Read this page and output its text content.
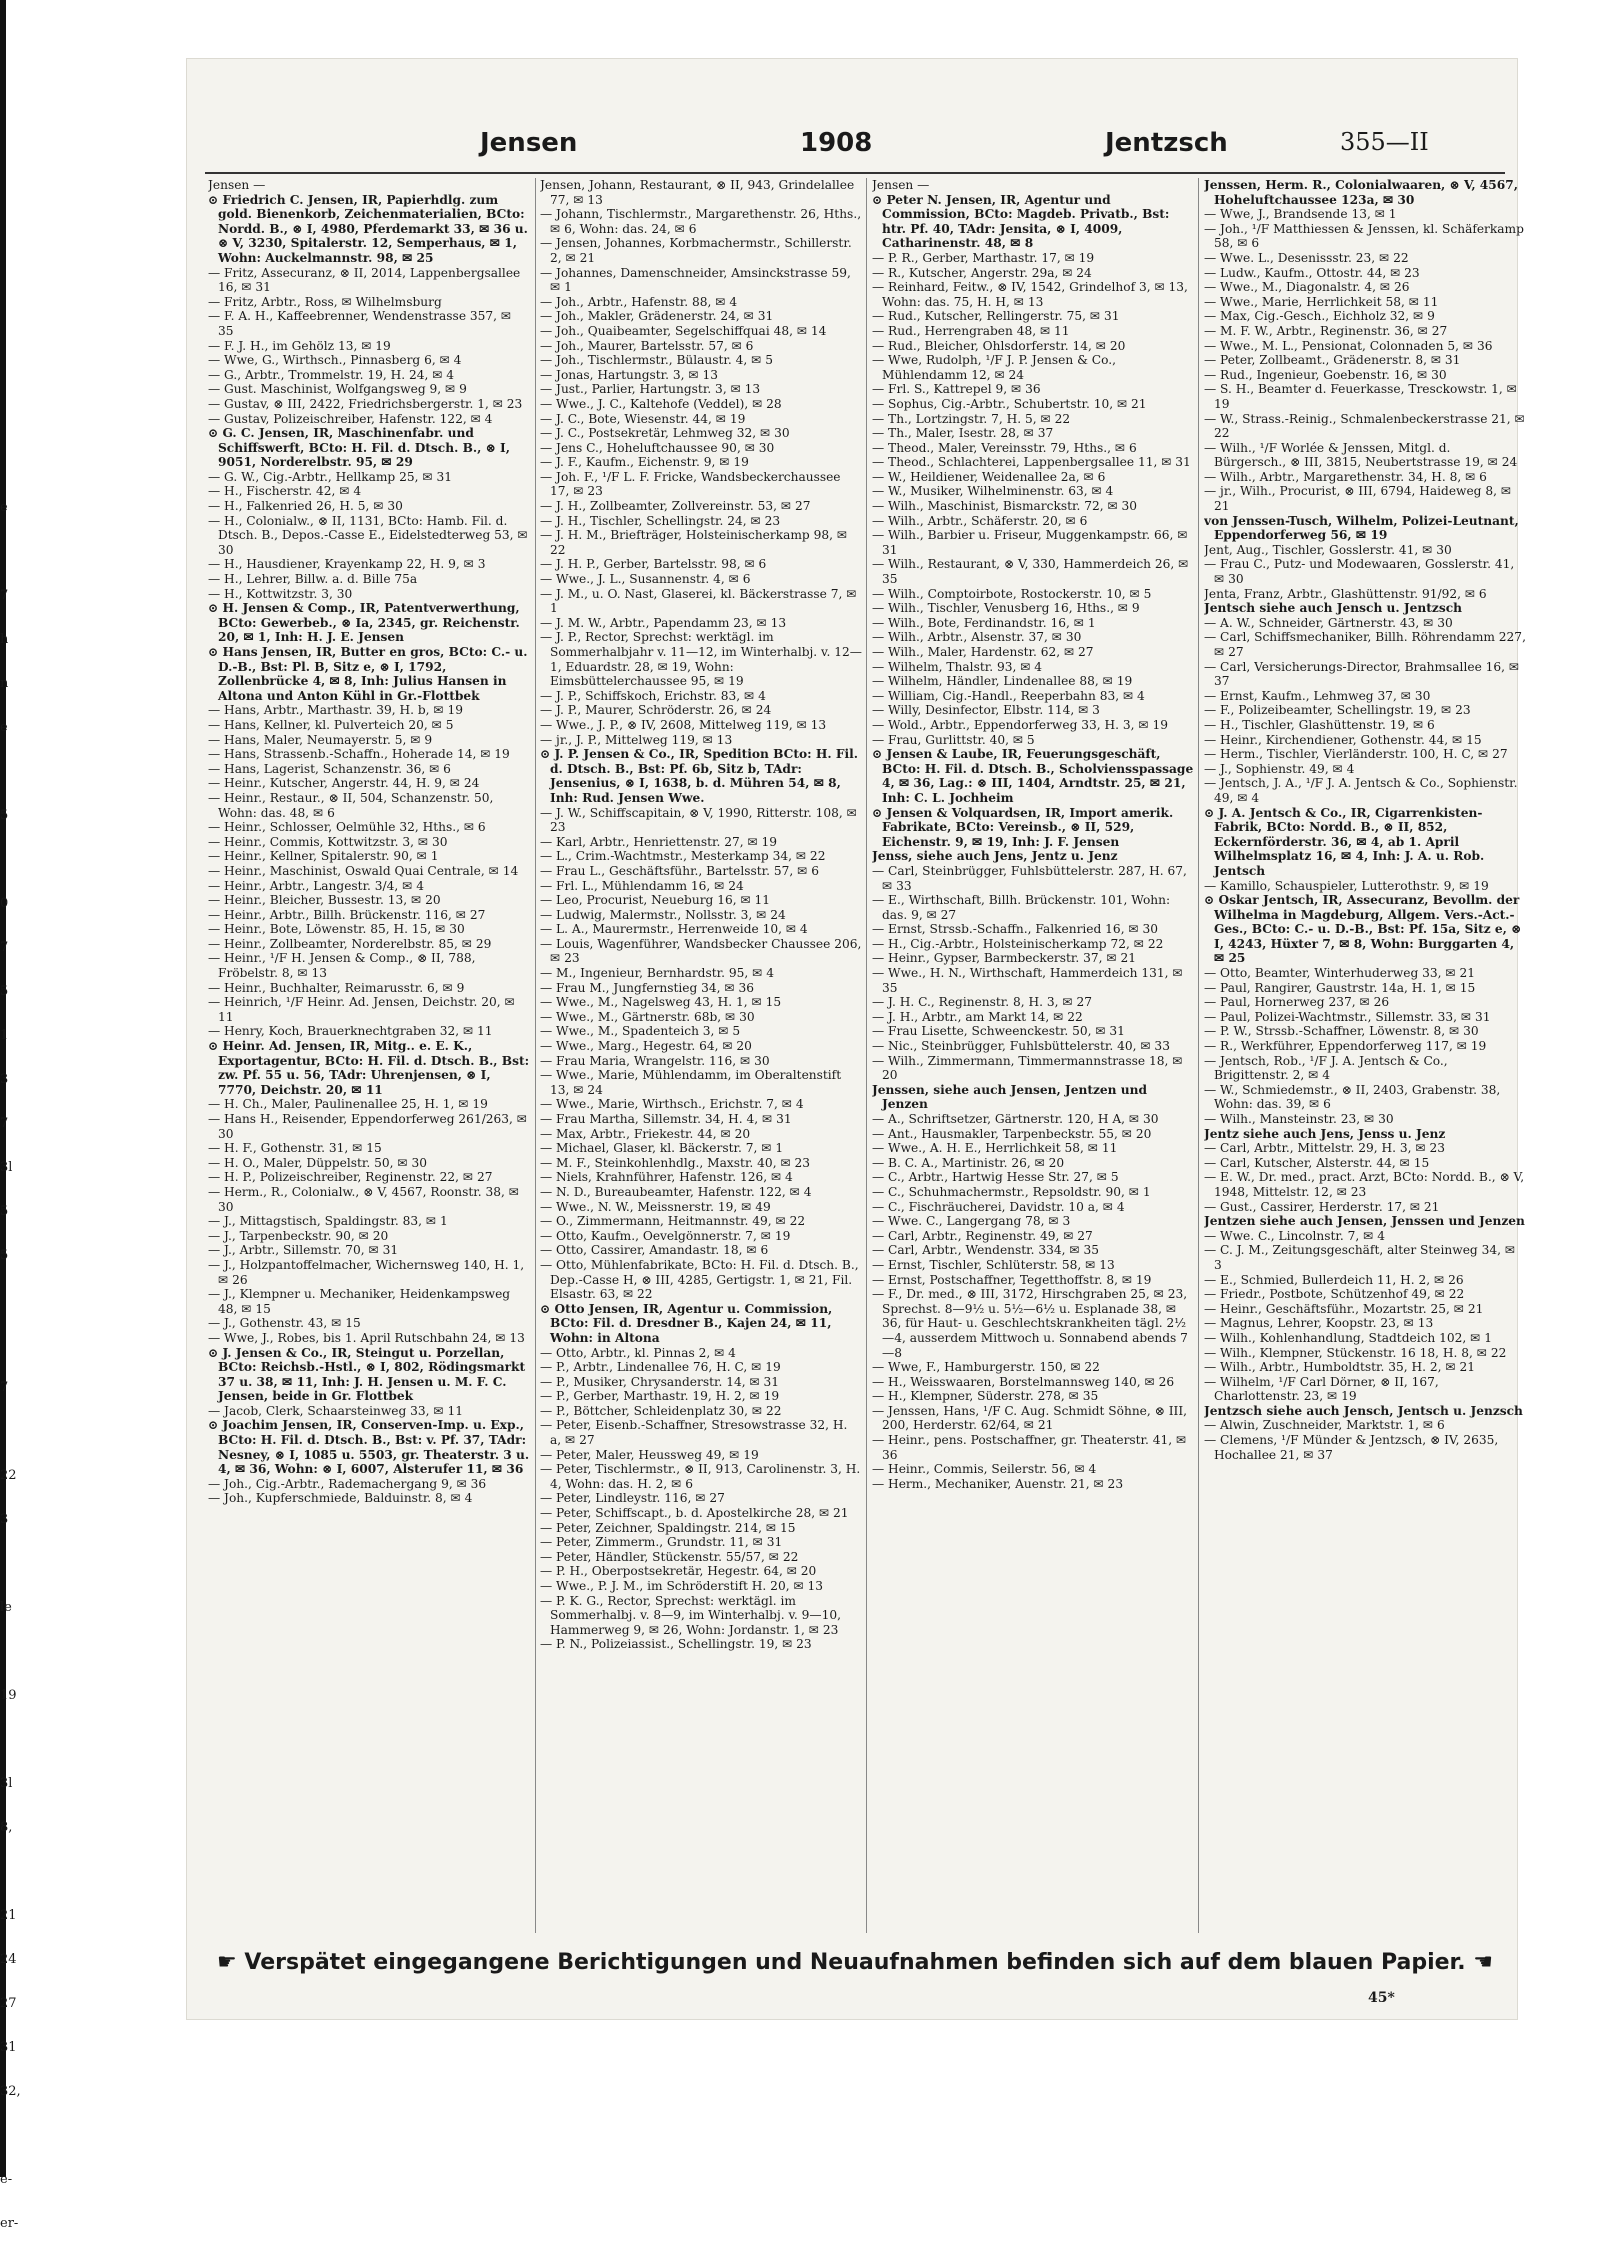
e
7
h
n
e
5
0
7
5
1
3
7
3l
5
5
7
22
3
le
19
3l
8,
21
24
27
31
32,
e-
er-
Jensen	1908	Jentzsch	355—II

Jensen —

⊙ Friedrich C. Jensen, IR, Papierhdlg. zum gold. Bienenkorb, Zeichenmaterialien, BCto: Nordd. B., ⊗ I, 4980, Pferdemarkt 33, ✉ 36 u. ⊗ V, 3230, Spitalerstr. 12, Semperhaus, ✉ 1, Wohn: Auckelmannstr. 98, ✉ 25

— Fritz, Assecuranz, ⊗ II, 2014, Lappenbergsallee 16, ✉ 31

— Fritz, Arbtr., Ross, ✉ Wilhelmsburg

— F. A. H., Kaffeebrenner, Wendenstrasse 357, ✉ 35

— F. J. H., im Gehölz 13, ✉ 19

— Wwe, G., Wirthsch., Pinnasberg 6, ✉ 4

— G., Arbtr., Trommelstr. 19, H. 24, ✉ 4

— Gust. Maschinist, Wolfgangsweg 9, ✉ 9

— Gustav, ⊗ III, 2422, Friedrichsbergerstr. 1, ✉ 23

— Gustav, Polizeischreiber, Hafenstr. 122, ✉ 4

⊙ G. C. Jensen, IR, Maschinenfabr. und Schiffswerft, BCto: H. Fil. d. Dtsch. B., ⊗ I, 9051, Norderelbstr. 95, ✉ 29

— G. W., Cig.-Arbtr., Hellkamp 25, ✉ 31

— H., Fischerstr. 42, ✉ 4

— H., Falkenried 26, H. 5, ✉ 30

— H., Colonialw., ⊗ II, 1131, BCto: Hamb. Fil. d. Dtsch. B., Depos.-Casse E., Eidelstedterweg 53, ✉ 30

— H., Hausdiener, Krayenkamp 22, H. 9, ✉ 3

— H., Lehrer, Billw. a. d. Bille 75a

— H., Kottwitzstr. 3, 30

⊙ H. Jensen & Comp., IR, Patentverwerthung, BCto: Gewerbeb., ⊗ Ia, 2345, gr. Reichenstr. 20, ✉ 1, Inh: H. J. E. Jensen

⊙ Hans Jensen, IR, Butter en gros, BCto: C.- u. D.-B., Bst: Pl. B, Sitz e, ⊗ I, 1792, Zollenbrücke 4, ✉ 8, Inh: Julius Hansen in Altona und Anton Kühl in Gr.-Flottbek

— Hans, Arbtr., Marthastr. 39, H. b, ✉ 19

— Hans, Kellner, kl. Pulverteich 20, ✉ 5

— Hans, Maler, Neumayerstr. 5, ✉ 9

— Hans, Strassenb.-Schaffn., Hoherade 14, ✉ 19

— Hans, Lagerist, Schanzenstr. 36, ✉ 6

— Heinr., Kutscher, Angerstr. 44, H. 9, ✉ 24

— Heinr., Restaur., ⊗ II, 504, Schanzenstr. 50, Wohn: das. 48, ✉ 6

— Heinr., Schlosser, Oelmühle 32, Hths., ✉ 6

— Heinr., Commis, Kottwitzstr. 3, ✉ 30

— Heinr., Kellner, Spitalerstr. 90, ✉ 1

— Heinr., Maschinist, Oswald Quai Centrale, ✉ 14

— Heinr., Arbtr., Langestr. 3/4, ✉ 4

— Heinr., Bleicher, Bussestr. 13, ✉ 20

— Heinr., Arbtr., Billh. Brückenstr. 116, ✉ 27

— Heinr., Bote, Löwenstr. 85, H. 15, ✉ 30

— Heinr., Zollbeamter, Norderelbstr. 85, ✉ 29

— Heinr., ¹/F H. Jensen & Comp., ⊗ II, 788, Fröbelstr. 8, ✉ 13

— Heinr., Buchhalter, Reimarusstr. 6, ✉ 9

— Heinrich, ¹/F Heinr. Ad. Jensen, Deichstr. 20, ✉ 11

— Henry, Koch, Brauerknechtgraben 32, ✉ 11

⊙ Heinr. Ad. Jensen, IR, Mitg.. e. E. K., Exportagentur, BCto: H. Fil. d. Dtsch. B., Bst: zw. Pf. 55 u. 56, TAdr: Uhrenjensen, ⊗ I, 7770, Deichstr. 20, ✉ 11

— H. Ch., Maler, Paulinenallee 25, H. 1, ✉ 19

— Hans H., Reisender, Eppendorferweg 261/263, ✉ 30

— H. F., Gothenstr. 31, ✉ 15

— H. O., Maler, Düppelstr. 50, ✉ 30

— H. P., Polizeischreiber, Reginenstr. 22, ✉ 27

— Herm., R., Colonialw., ⊗ V, 4567, Roonstr. 38, ✉ 30

— J., Mittagstisch, Spaldingstr. 83, ✉ 1

— J., Tarpenbeckstr. 90, ✉ 20

— J., Arbtr., Sillemstr. 70, ✉ 31

— J., Holzpantoffelmacher, Wichernsweg 140, H. 1, ✉ 26

— J., Klempner u. Mechaniker, Heidenkampsweg 48, ✉ 15

— J., Gothenstr. 43, ✉ 15

— Wwe, J., Robes, bis 1. April Rutschbahn 24, ✉ 13

⊙ J. Jensen & Co., IR, Steingut u. Porzellan, BCto: Reichsb.-Hstl., ⊗ I, 802, Rödingsmarkt 37 u. 38, ✉ 11, Inh: J. H. Jensen u. M. F. C. Jensen, beide in Gr. Flottbek

— Jacob, Clerk, Schaarsteinweg 33, ✉ 11

⊙ Joachim Jensen, IR, Conserven-Imp. u. Exp., BCto: H. Fil. d. Dtsch. B., Bst: v. Pf. 37, TAdr: Nesney, ⊗ I, 1085 u. 5503, gr. Theaterstr. 3 u. 4, ✉ 36, Wohn: ⊗ I, 6007, Alsterufer 11, ✉ 36

— Joh., Cig.-Arbtr., Rademachergang 9, ✉ 36

— Joh., Kupferschmiede, Balduinstr. 8, ✉ 4

Jensen, Johann, Restaurant, ⊗ II, 943, Grindelallee 77, ✉ 13

— Johann, Tischlermstr., Margarethenstr. 26, Hths., ✉ 6, Wohn: das. 24, ✉ 6

— Jensen, Johannes, Korbmachermstr., Schillerstr. 2, ✉ 21

— Johannes, Damenschneider, Amsinckstrasse 59, ✉ 1

— Joh., Arbtr., Hafenstr. 88, ✉ 4

— Joh., Makler, Grädenerstr. 24, ✉ 31

— Joh., Quaibeamter, Segelschiffquai 48, ✉ 14

— Joh., Maurer, Bartelsstr. 57, ✉ 6

— Joh., Tischlermstr., Bülaustr. 4, ✉ 5

— Jonas, Hartungstr. 3, ✉ 13

— Just., Parlier, Hartungstr. 3, ✉ 13

— Wwe., J. C., Kaltehofe (Veddel), ✉ 28

— J. C., Bote, Wiesenstr. 44, ✉ 19

— J. C., Postsekretär, Lehmweg 32, ✉ 30

— Jens C., Hoheluftchaussee 90, ✉ 30

— J. F., Kaufm., Eichenstr. 9, ✉ 19

— Joh. F., ¹/F L. F. Fricke, Wandsbeckerchaussee 17, ✉ 23

— J. H., Zollbeamter, Zollvereinstr. 53, ✉ 27

— J. H., Tischler, Schellingstr. 24, ✉ 23

— J. H. M., Briefträger, Holsteinischerkamp 98, ✉ 22

— J. H. P., Gerber, Bartelsstr. 98, ✉ 6

— Wwe., J. L., Susannenstr. 4, ✉ 6

— J. M., u. O. Nast, Glaserei, kl. Bäckerstrasse 7, ✉ 1

— J. M. W., Arbtr., Papendamm 23, ✉ 13

— J. P., Rector, Sprechst: werktägl. im Sommerhalbjahr v. 11—12, im Winterhalbj. v. 12—1, Eduardstr. 28, ✉ 19, Wohn: Eimsbüttelerchaussee 95, ✉ 19

— J. P., Schiffskoch, Erichstr. 83, ✉ 4

— J. P., Maurer, Schröderstr. 26, ✉ 24

— Wwe., J. P., ⊗ IV, 2608, Mittelweg 119, ✉ 13

— jr., J. P., Mittelweg 119, ✉ 13

⊙ J. P. Jensen & Co., IR, Spedition BCto: H. Fil. d. Dtsch. B., Bst: Pf. 6b, Sitz b, TAdr: Jensenius, ⊗ I, 1638, b. d. Mühren 54, ✉ 8, Inh: Rud. Jensen Wwe.

— J. W., Schiffscapitain, ⊗ V, 1990, Ritterstr. 108, ✉ 23

— Karl, Arbtr., Henriettenstr. 27, ✉ 19

— L., Crim.-Wachtmstr., Mesterkamp 34, ✉ 22

— Frau L., Geschäftsführ., Bartelsstr. 57, ✉ 6

— Frl. L., Mühlendamm 16, ✉ 24

— Leo, Procurist, Neueburg 16, ✉ 11

— Ludwig, Malermstr., Nollsstr. 3, ✉ 24

— L. A., Maurermstr., Herrenweide 10, ✉ 4

— Louis, Wagenführer, Wandsbecker Chaussee 206, ✉ 23

— M., Ingenieur, Bernhardstr. 95, ✉ 4

— Frau M., Jungfernstieg 34, ✉ 36

— Wwe., M., Nagelsweg 43, H. 1, ✉ 15

— Wwe., M., Gärtnerstr. 68b, ✉ 30

— Wwe., M., Spadenteich 3, ✉ 5

— Wwe., Marg., Hegestr. 64, ✉ 20

— Frau Maria, Wrangelstr. 116, ✉ 30

— Wwe., Marie, Mühlendamm, im Oberaltenstift 13, ✉ 24

— Wwe., Marie, Wirthsch., Erichstr. 7, ✉ 4

— Frau Martha, Sillemstr. 34, H. 4, ✉ 31

— Max, Arbtr., Friekestr. 44, ✉ 20

— Michael, Glaser, kl. Bäckerstr. 7, ✉ 1

— M. F., Steinkohlenhdlg., Maxstr. 40, ✉ 23

— Niels, Krahnführer, Hafenstr. 126, ✉ 4

— N. D., Bureaubeamter, Hafenstr. 122, ✉ 4

— Wwe., N. W., Meissnerstr. 19, ✉ 49

— O., Zimmermann, Heitmannstr. 49, ✉ 22

— Otto, Kaufm., Oevelgönnerstr. 7, ✉ 19

— Otto, Cassirer, Amandastr. 18, ✉ 6

— Otto, Mühlenfabrikate, BCto: H. Fil. d. Dtsch. B., Dep.-Casse H, ⊗ III, 4285, Gertigstr. 1, ✉ 21, Fil. Elsastr. 63, ✉ 22

⊙ Otto Jensen, IR, Agentur u. Commission, BCto: Fil. d. Dresdner B., Kajen 24, ✉ 11, Wohn: in Altona

— Otto, Arbtr., kl. Pinnas 2, ✉ 4

— P., Arbtr., Lindenallee 76, H. C, ✉ 19

— P., Musiker, Chrysanderstr. 14, ✉ 31

— P., Gerber, Marthastr. 19, H. 2, ✉ 19

— P., Böttcher, Schleidenplatz 30, ✉ 22

— Peter, Eisenb.-Schaffner, Stresowstrasse 32, H. a, ✉ 27

— Peter, Maler, Heussweg 49, ✉ 19

— Peter, Tischlermstr., ⊗ II, 913, Carolinenstr. 3, H. 4, Wohn: das. H. 2, ✉ 6

— Peter, Lindleystr. 116, ✉ 27

— Peter, Schiffscapt., b. d. Apostelkirche 28, ✉ 21

— Peter, Zeichner, Spaldingstr. 214, ✉ 15

— Peter, Zimmerm., Grundstr. 11, ✉ 31

— Peter, Händler, Stückenstr. 55/57, ✉ 22

— P. H., Oberpostsekretär, Hegestr. 64, ✉ 20

— Wwe., P. J. M., im Schröderstift H. 20, ✉ 13

— P. K. G., Rector, Sprechst: werktägl. im Sommerhalbj. v. 8—9, im Winterhalbj. v. 9—10, Hammerweg 9, ✉ 26, Wohn: Jordanstr. 1, ✉ 23

— P. N., Polizeiassist., Schellingstr. 19, ✉ 23

Jensen —

⊙ Peter N. Jensen, IR, Agentur und Commission, BCto: Magdeb. Privatb., Bst: htr. Pf. 40, TAdr: Jensita, ⊗ I, 4009, Catharinenstr. 48, ✉ 8

— P. R., Gerber, Marthastr. 17, ✉ 19

— R., Kutscher, Angerstr. 29a, ✉ 24

— Reinhard, Feitw., ⊗ IV, 1542, Grindelhof 3, ✉ 13, Wohn: das. 75, H. H, ✉ 13

— Rud., Kutscher, Rellingerstr. 75, ✉ 31

— Rud., Herrengraben 48, ✉ 11

— Rud., Bleicher, Ohlsdorferstr. 14, ✉ 20

— Wwe, Rudolph, ¹/F J. P. Jensen & Co., Mühlendamm 12, ✉ 24

— Frl. S., Kattrepel 9, ✉ 36

— Sophus, Cig.-Arbtr., Schubertstr. 10, ✉ 21

— Th., Lortzingstr. 7, H. 5, ✉ 22

— Th., Maler, Isestr. 28, ✉ 37

— Theod., Maler, Vereinsstr. 79, Hths., ✉ 6

— Theod., Schlachterei, Lappenbergsallee 11, ✉ 31

— W., Heildiener, Weidenallee 2a, ✉ 6

— W., Musiker, Wilhelminenstr. 63, ✉ 4

— Wilh., Maschinist, Bismarckstr. 72, ✉ 30

— Wilh., Arbtr., Schäferstr. 20, ✉ 6

— Wilh., Barbier u. Friseur, Muggenkampstr. 66, ✉ 31

— Wilh., Restaurant, ⊗ V, 330, Hammerdeich 26, ✉ 35

— Wilh., Comptoirbote, Rostockerstr. 10, ✉ 5

— Wilh., Tischler, Venusberg 16, Hths., ✉ 9

— Wilh., Bote, Ferdinandstr. 16, ✉ 1

— Wilh., Arbtr., Alsenstr. 37, ✉ 30

— Wilh., Maler, Hardenstr. 62, ✉ 27

— Wilhelm, Thalstr. 93, ✉ 4

— Wilhelm, Händler, Lindenallee 88, ✉ 19

— William, Cig.-Handl., Reeperbahn 83, ✉ 4

— Willy, Desinfector, Elbstr. 114, ✉ 3

— Wold., Arbtr., Eppendorferweg 33, H. 3, ✉ 19

— Frau, Gurlittstr. 40, ✉ 5

⊙ Jensen & Laube, IR, Feuerungsgeschäft, BCto: H. Fil. d. Dtsch. B., Scholviensspassage 4, ✉ 36, Lag.: ⊗ III, 1404, Arndtstr. 25, ✉ 21, Inh: C. L. Jochheim

⊙ Jensen & Volquardsen, IR, Import amerik. Fabrikate, BCto: Vereinsb., ⊗ II, 529, Eichenstr. 9, ✉ 19, Inh: J. F. Jensen

Jenss, siehe auch Jens, Jentz u. Jenz

— Carl, Steinbrügger, Fuhlsbüttelerstr. 287, H. 67, ✉ 33

— E., Wirthschaft, Billh. Brückenstr. 101, Wohn: das. 9, ✉ 27

— Ernst, Strssb.-Schaffn., Falkenried 16, ✉ 30

— H., Cig.-Arbtr., Holsteinischerkamp 72, ✉ 22

— Heinr., Gypser, Barmbeckerstr. 37, ✉ 21

— Wwe., H. N., Wirthschaft, Hammerdeich 131, ✉ 35

— J. H. C., Reginenstr. 8, H. 3, ✉ 27

— J. H., Arbtr., am Markt 14, ✉ 22

— Frau Lisette, Schweenckestr. 50, ✉ 31

— Nic., Steinbrügger, Fuhlsbüttelerstr. 40, ✉ 33

— Wilh., Zimmermann, Timmermannstrasse 18, ✉ 20

Jenssen, siehe auch Jensen, Jentzen und Jenzen

— A., Schriftsetzer, Gärtnerstr. 120, H A, ✉ 30

— Ant., Hausmakler, Tarpenbeckstr. 55, ✉ 20

— Wwe., A. H. E., Herrlichkeit 58, ✉ 11

— B. C. A., Martinistr. 26, ✉ 20

— C., Arbtr., Hartwig Hesse Str. 27, ✉ 5

— C., Schuhmachermstr., Repsoldstr. 90, ✉ 1

— C., Fischräucherei, Davidstr. 10 a, ✉ 4

— Wwe. C., Langergang 78, ✉ 3

— Carl, Arbtr., Reginenstr. 49, ✉ 27

— Carl, Arbtr., Wendenstr. 334, ✉ 35

— Ernst, Tischler, Schlüterstr. 58, ✉ 13

— Ernst, Postschaffner, Tegetthoffstr. 8, ✉ 19

— F., Dr. med., ⊗ III, 3172, Hirschgraben 25, ✉ 23, Sprechst. 8—9½ u. 5½—6½ u. Esplanade 38, ✉ 36, für Haut- u. Geschlechtskrankheiten tägl. 2½—4, ausserdem Mittwoch u. Sonnabend abends 7—8

— Wwe, F., Hamburgerstr. 150, ✉ 22

— H., Weisswaaren, Borstelmannsweg 140, ✉ 26

— H., Klempner, Süderstr. 278, ✉ 35

— Jenssen, Hans, ¹/F C. Aug. Schmidt Söhne, ⊗ III, 200, Herderstr. 62/64, ✉ 21

— Heinr., pens. Postschaffner, gr. Theaterstr. 41, ✉ 36

— Heinr., Commis, Seilerstr. 56, ✉ 4

— Herm., Mechaniker, Auenstr. 21, ✉ 23

Jenssen, Herm. R., Colonialwaaren, ⊗ V, 4567, Hoheluftchaussee 123a, ✉ 30

— Wwe, J., Brandsende 13, ✉ 1

— Joh., ¹/F Matthiessen & Jenssen, kl. Schäferkamp 58, ✉ 6

— Wwe. L., Desenissstr. 23, ✉ 22

— Ludw., Kaufm., Ottostr. 44, ✉ 23

— Wwe., M., Diagonalstr. 4, ✉ 26

— Wwe., Marie, Herrlichkeit 58, ✉ 11

— Max, Cig.-Gesch., Eichholz 32, ✉ 9

— M. F. W., Arbtr., Reginenstr. 36, ✉ 27

— Wwe., M. L., Pensionat, Colonnaden 5, ✉ 36

— Peter, Zollbeamt., Grädenerstr. 8, ✉ 31

— Rud., Ingenieur, Goebenstr. 16, ✉ 30

— S. H., Beamter d. Feuerkasse, Tresckowstr. 1, ✉ 19

— W., Strass.-Reinig., Schmalenbeckerstrasse 21, ✉ 22

— Wilh., ¹/F Worlée & Jenssen, Mitgl. d. Bürgersch., ⊗ III, 3815, Neubertstrasse 19, ✉ 24

— Wilh., Arbtr., Margarethenstr. 34, H. 8, ✉ 6

— jr., Wilh., Procurist, ⊗ III, 6794, Haideweg 8, ✉ 21

von Jenssen-Tusch, Wilhelm, Polizei-Leutnant, Eppendorferweg 56, ✉ 19

Jent, Aug., Tischler, Gosslerstr. 41, ✉ 30

— Frau C., Putz- und Modewaaren, Gosslerstr. 41, ✉ 30

Jenta, Franz, Arbtr., Glashüttenstr. 91/92, ✉ 6

Jentsch siehe auch Jensch u. Jentzsch

— A. W., Schneider, Gärtnerstr. 43, ✉ 30

— Carl, Schiffsmechaniker, Billh. Röhrendamm 227, ✉ 27

— Carl, Versicherungs-Director, Brahmsallee 16, ✉ 37

— Ernst, Kaufm., Lehmweg 37, ✉ 30

— F., Polizeibeamter, Schellingstr. 19, ✉ 23

— H., Tischler, Glashüttenstr. 19, ✉ 6

— Heinr., Kirchendiener, Gothenstr. 44, ✉ 15

— Herm., Tischler, Vierländerstr. 100, H. C, ✉ 27

— J., Sophienstr. 49, ✉ 4

— Jentsch, J. A., ¹/F J. A. Jentsch & Co., Sophienstr. 49, ✉ 4

⊙ J. A. Jentsch & Co., IR, Cigarrenkisten-Fabrik, BCto: Nordd. B., ⊗ II, 852, Eckernförderstr. 36, ✉ 4, ab 1. April Wilhelmsplatz 16, ✉ 4, Inh: J. A. u. Rob. Jentsch

— Kamillo, Schauspieler, Lutterothstr. 9, ✉ 19

⊙ Oskar Jentsch, IR, Assecuranz, Bevollm. der Wilhelma in Magdeburg, Allgem. Vers.-Act.-Ges., BCto: C.- u. D.-B., Bst: Pf. 15a, Sitz e, ⊗ I, 4243, Hüxter 7, ✉ 8, Wohn: Burggarten 4, ✉ 25

— Otto, Beamter, Winterhuderweg 33, ✉ 21

— Paul, Rangirer, Gaustrstr. 14a, H. 1, ✉ 15

— Paul, Hornerweg 237, ✉ 26

— Paul, Polizei-Wachtmstr., Sillemstr. 33, ✉ 31

— P. W., Strssb.-Schaffner, Löwenstr. 8, ✉ 30

— R., Werkführer, Eppendorferweg 117, ✉ 19

— Jentsch, Rob., ¹/F J. A. Jentsch & Co., Brigittenstr. 2, ✉ 4

— W., Schmiedemstr., ⊗ II, 2403, Grabenstr. 38, Wohn: das. 39, ✉ 6

— Wilh., Mansteinstr. 23, ✉ 30

Jentz siehe auch Jens, Jenss u. Jenz

— Carl, Arbtr., Mittelstr. 29, H. 3, ✉ 23

— Carl, Kutscher, Alsterstr. 44, ✉ 15

— E. W., Dr. med., pract. Arzt, BCto: Nordd. B., ⊗ V, 1948, Mittelstr. 12, ✉ 23

— Gust., Cassirer, Herderstr. 17, ✉ 21

Jentzen siehe auch Jensen, Jenssen und Jenzen

— Wwe. C., Lincolnstr. 7, ✉ 4

— C. J. M., Zeitungsgeschäft, alter Steinweg 34, ✉ 3

— E., Schmied, Bullerdeich 11, H. 2, ✉ 26

— Friedr., Postbote, Schützenhof 49, ✉ 22

— Heinr., Geschäftsführ., Mozartstr. 25, ✉ 21

— Magnus, Lehrer, Koopstr. 23, ✉ 13

— Wilh., Kohlenhandlung, Stadtdeich 102, ✉ 1

— Wilh., Klempner, Stückenstr. 16 18, H. 8, ✉ 22

— Wilh., Arbtr., Humboldtstr. 35, H. 2, ✉ 21

— Wilhelm, ¹/F Carl Dörner, ⊗ II, 167, Charlottenstr. 23, ✉ 19

Jentzsch siehe auch Jensch, Jentsch u. Jenzsch

— Alwin, Zuschneider, Marktstr. 1, ✉ 6

— Clemens, ¹/F Münder & Jentzsch, ⊗ IV, 2635, Hochallee 21, ✉ 37

☛ Verspätet eingegangene Berichtigungen und Neuaufnahmen befinden sich auf dem blauen Papier. ☚
45*
